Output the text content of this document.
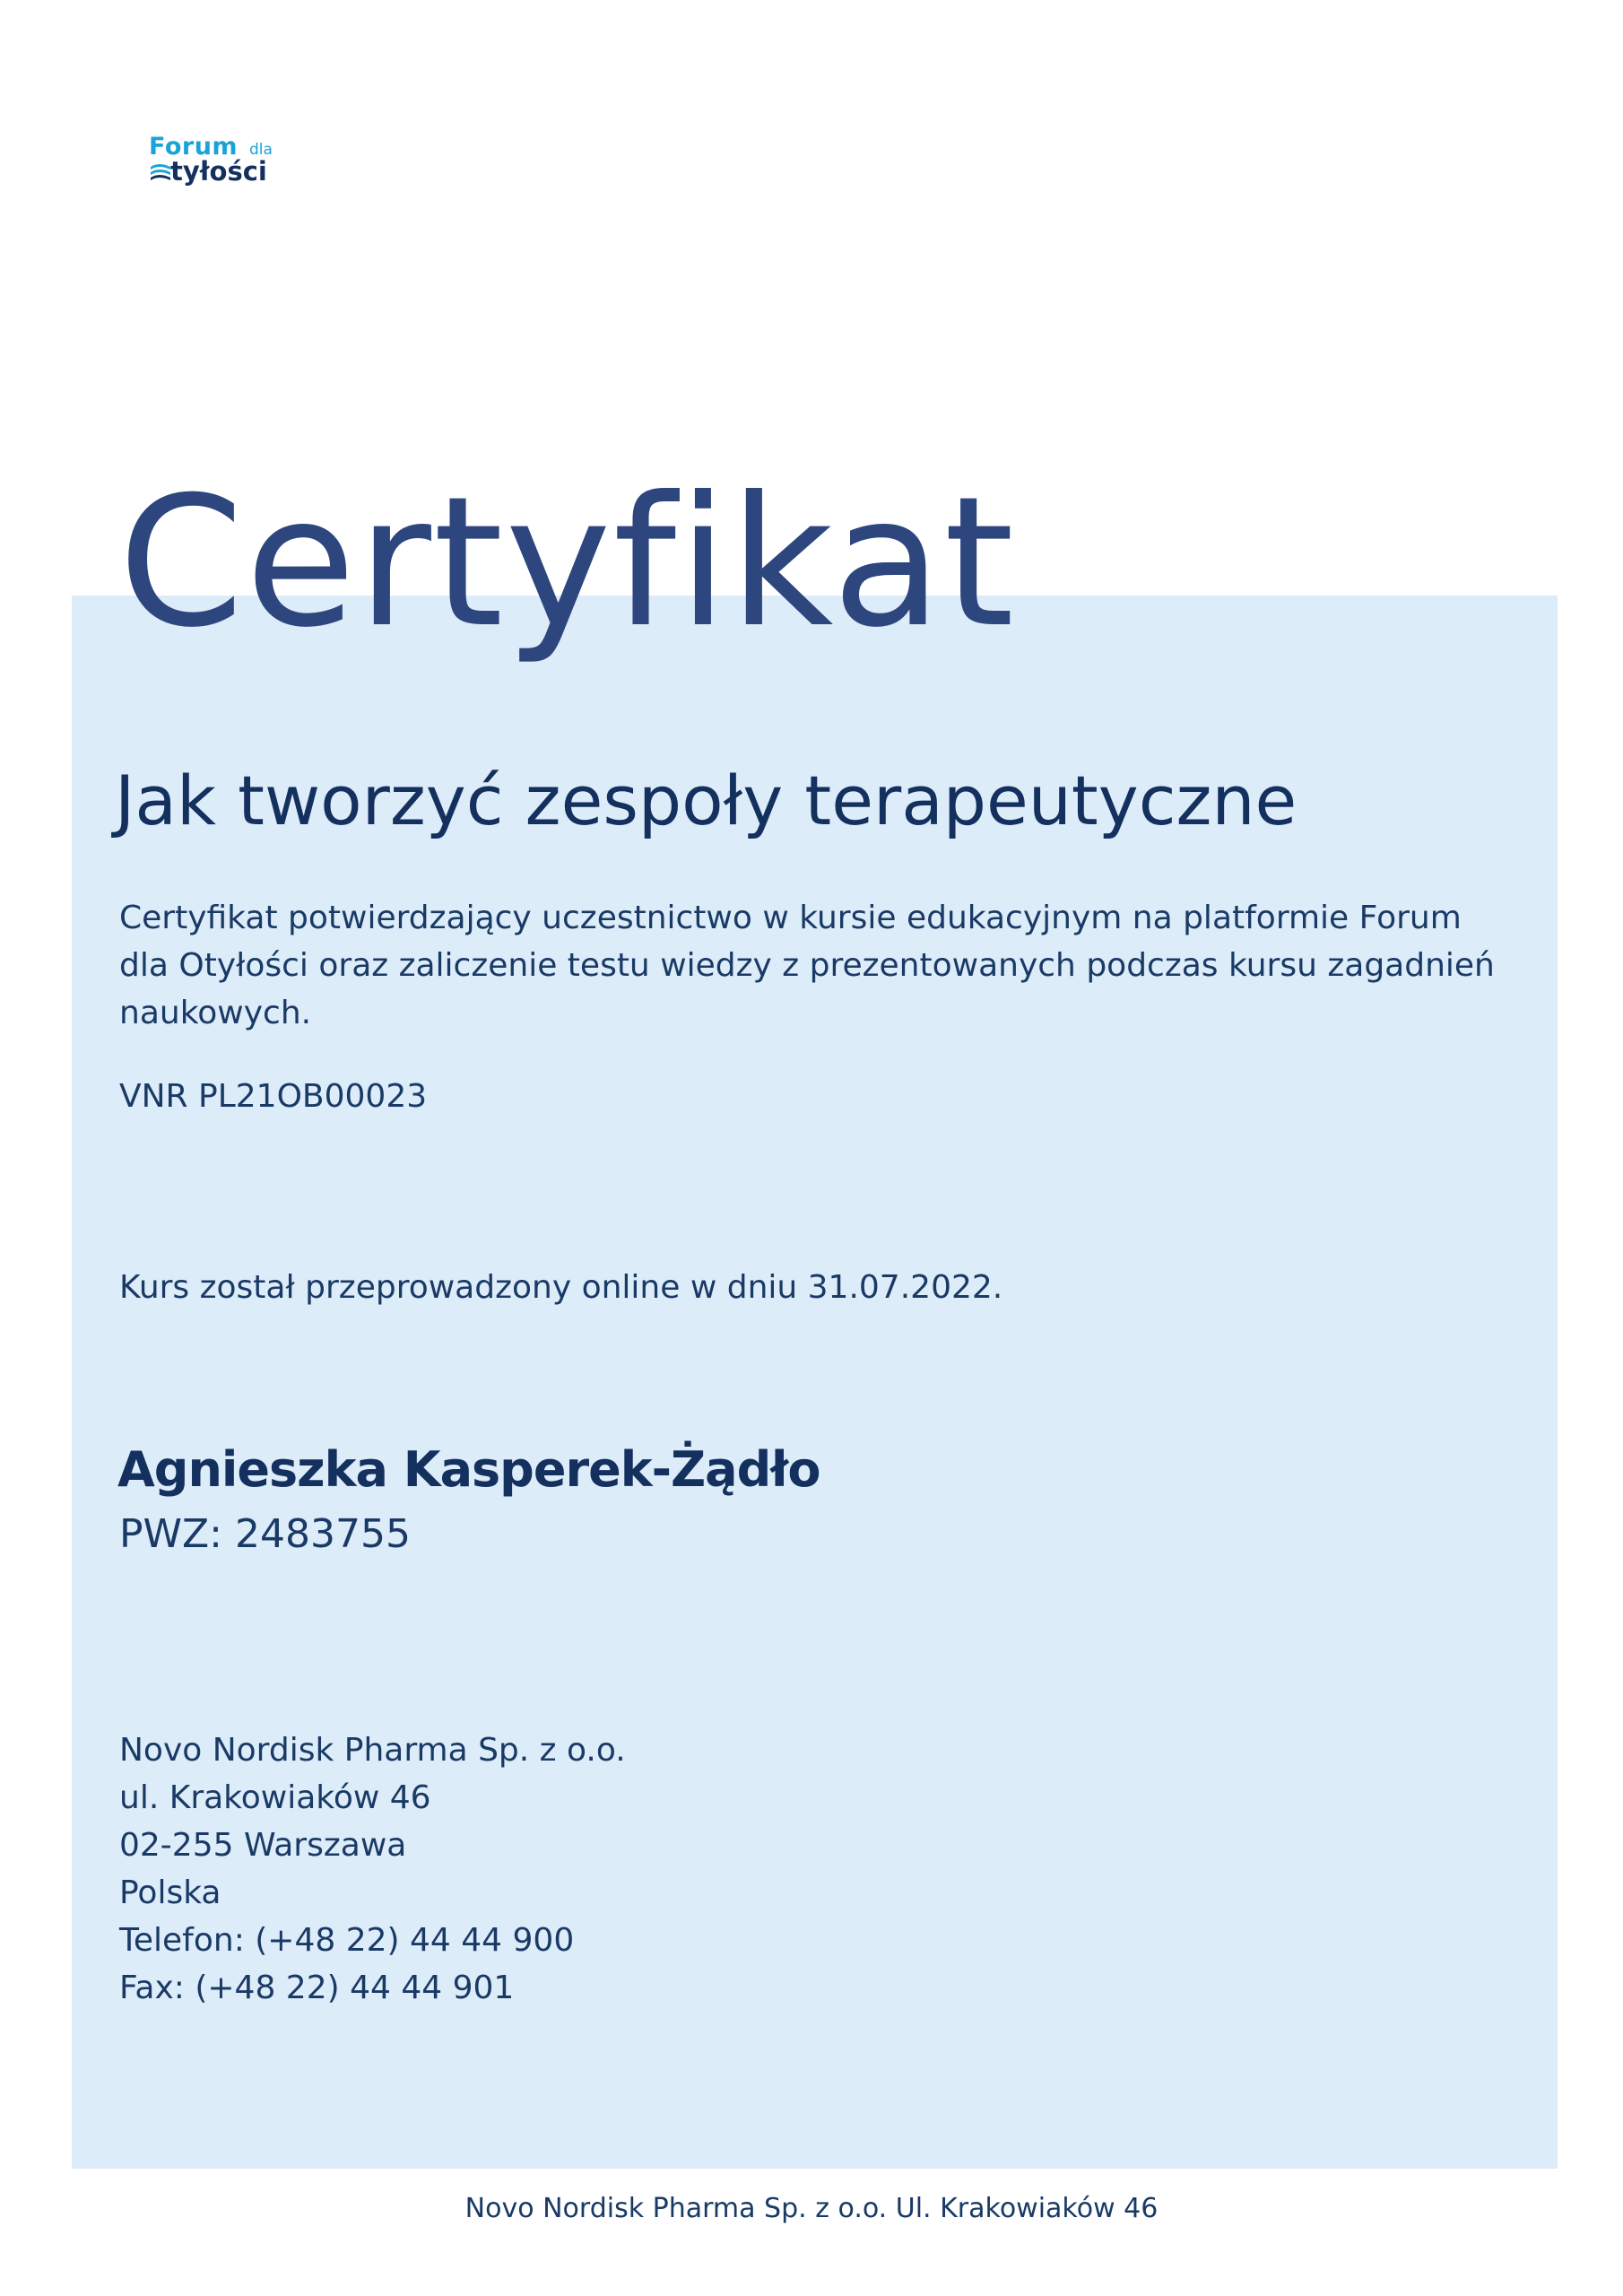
Forum dla
tyłości
Certyfikat
Jak tworzyć zespoły terapeutyczne
Certyfikat potwierdzający uczestnictwo w kursie edukacyjnym na platformie Forum dla Otyłości oraz zaliczenie testu wiedzy z prezentowanych podczas kursu zagadnień naukowych.
VNR PL21OB00023
Kurs został przeprowadzony online w dniu 31.07.2022.
Agnieszka Kasperek-Żądło
PWZ: 2483755
Novo Nordisk Pharma Sp. z o.o.
ul. Krakowiaków 46
02-255 Warszawa
Polska
Telefon: (+48 22) 44 44 900
Fax: (+48 22) 44 44 901
Novo Nordisk Pharma Sp. z o.o. Ul. Krakowiaków 46
